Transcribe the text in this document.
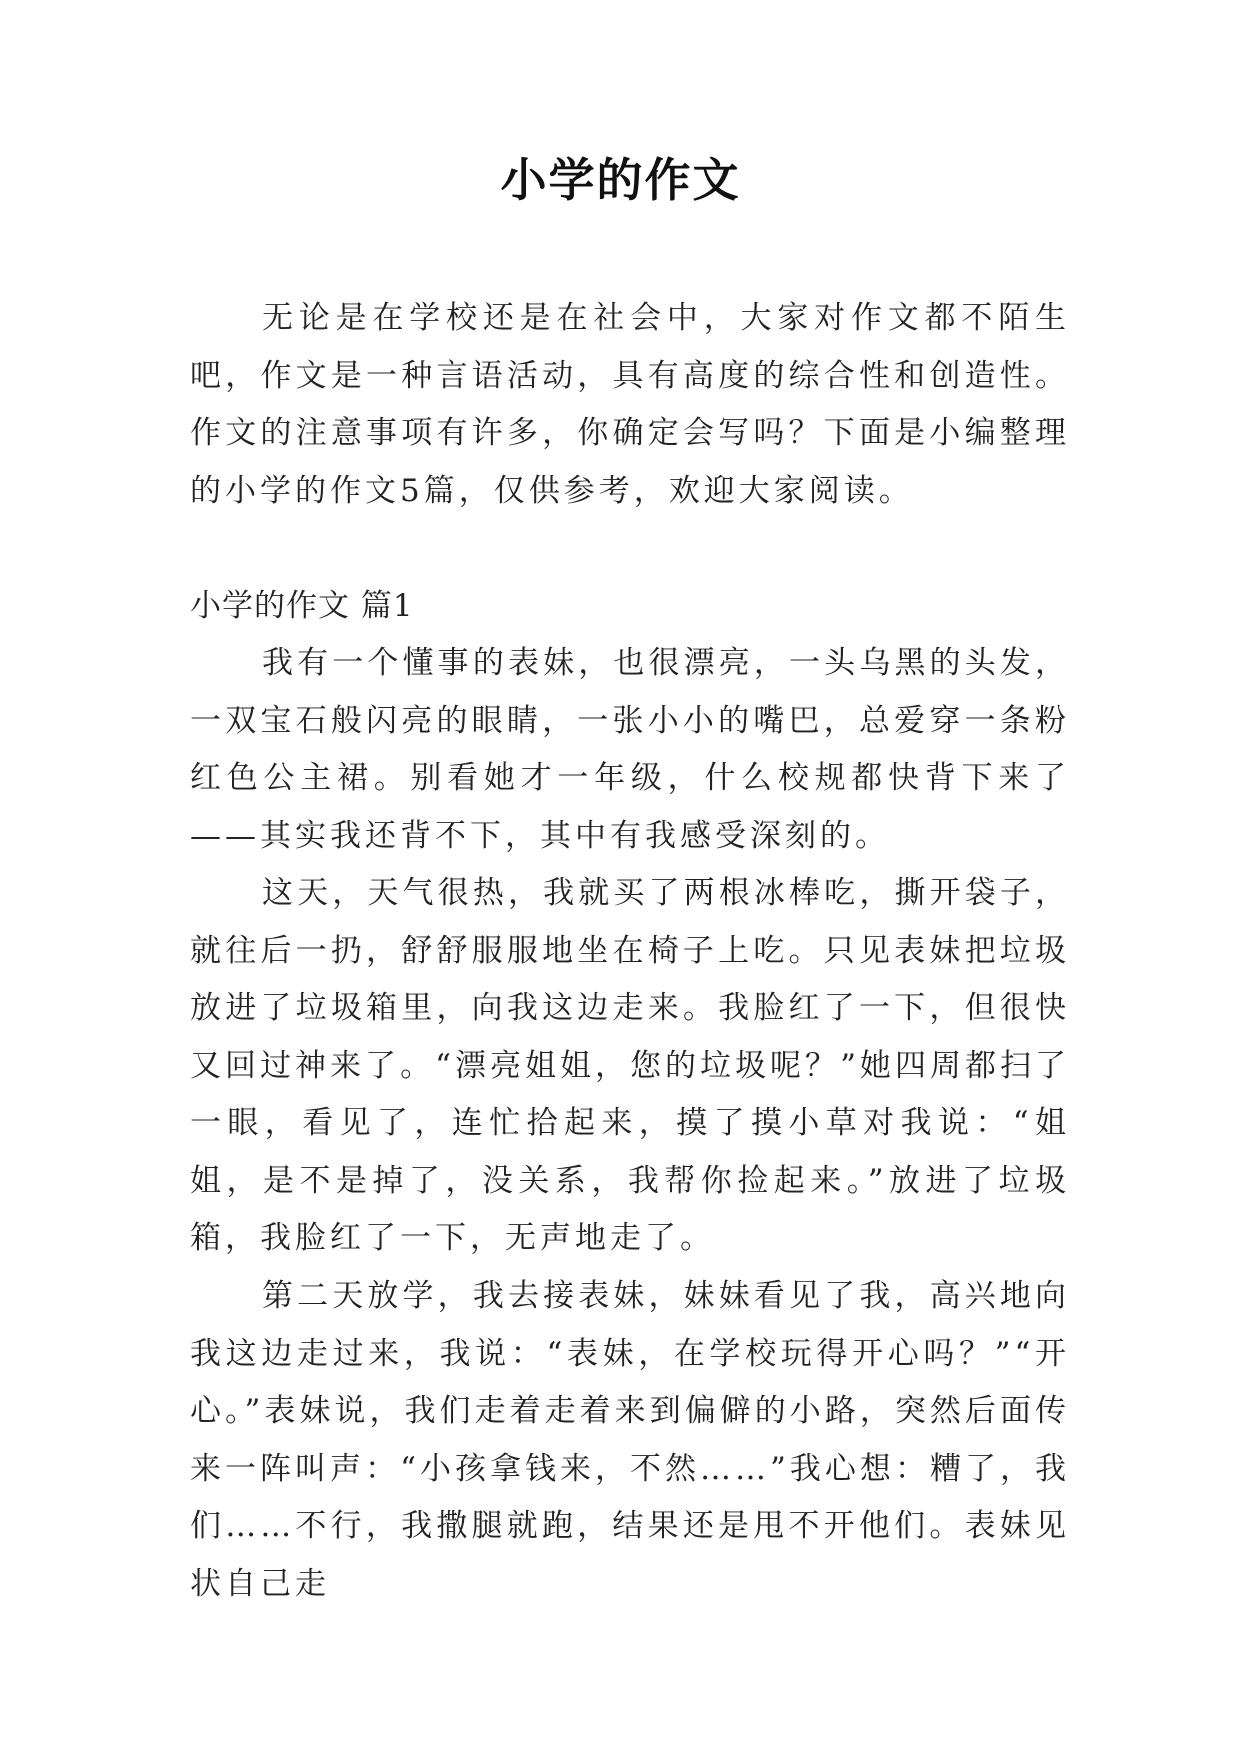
小学的作文

无论是在学校还是在社会中，大家对作文都不陌生吧，作文是一种言语活动，具有高度的综合性和创造性。作文的注意事项有许多，你确定会写吗？下面是小编整理的小学的作文5篇，仅供参考，欢迎大家阅读。

小学的作文 篇1

我有一个懂事的表妹，也很漂亮，一头乌黑的头发，一双宝石般闪亮的眼睛，一张小小的嘴巴，总爱穿一条粉红色公主裙。别看她才一年级，什么校规都快背下来了——其实我还背不下，其中有我感受深刻的。

这天，天气很热，我就买了两根冰棒吃，撕开袋子，就往后一扔，舒舒服服地坐在椅子上吃。只见表妹把垃圾放进了垃圾箱里，向我这边走来。我脸红了一下，但很快又回过神来了。“漂亮姐姐，您的垃圾呢？”她四周都扫了一眼，看见了，连忙拾起来，摸了摸小草对我说：“姐姐，是不是掉了，没关系，我帮你捡起来。”放进了垃圾箱，我脸红了一下，无声地走了。

第二天放学，我去接表妹，妹妹看见了我，高兴地向我这边走过来，我说：“表妹，在学校玩得开心吗？”“开心。”表妹说，我们走着走着来到偏僻的小路，突然后面传来一阵叫声：“小孩拿钱来，不然……”我心想：糟了，我们……不行，我撒腿就跑，结果还是甩不开他们。表妹见状自己走
